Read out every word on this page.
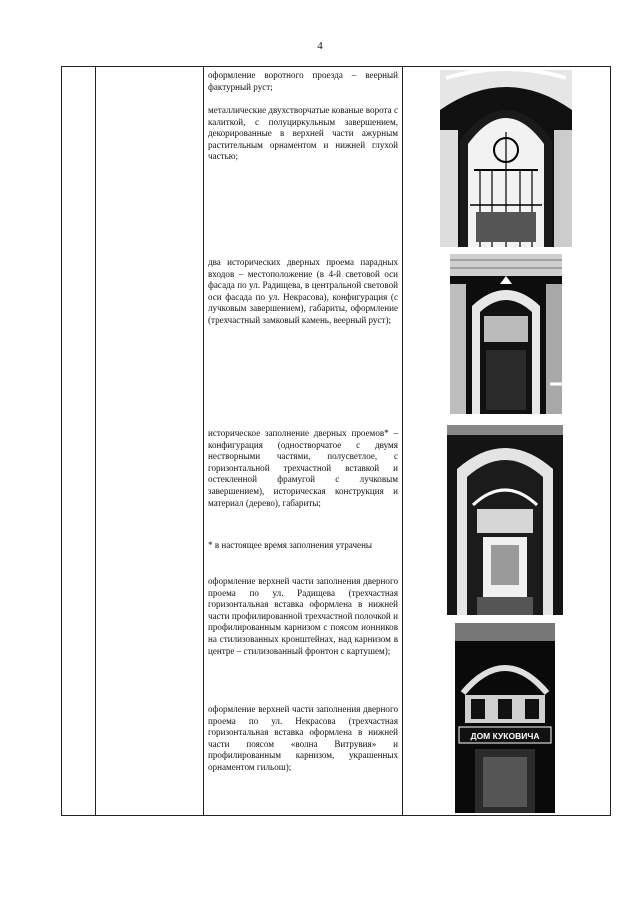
4

оформление воротного проезда – веерный фактурный руст;

металлические двухстворчатые кованые ворота с калиткой, с полуциркульным завершением, декорированные в верхней части ажурным растительным орнаментом и нижней глухой частью;

два исторических дверных проема парадных входов – местоположение (в 4-й световой оси фасада по ул. Радищева, в центральной световой оси фасада по ул. Некрасова), конфигурация (с лучковым завершением), габариты, оформление (трехчастный замковый камень, веерный руст);

историческое заполнение дверных проемов* – конфигурация (одностворчатое с двумя нестворными частями, полусветлое, с горизонтальной трехчастной вставкой и остекленной фрамугой с лучковым завершением), историческая конструкция и материал (дерево), габариты;

* в настоящее время заполнения утрачены

оформление верхней части заполнения дверного проема по ул. Радищева (трехчастная горизонтальная вставка оформлена в нижней части профилированной трехчастной полочкой и профилированным карнизом с поясом ионников на стилизованных кронштейнах, над карнизом в центре – стилизованный фронтон с картушем);

оформление верхней части заполнения дверного проема по ул. Некрасова (трехчастная горизонтальная вставка оформлена в нижней части поясом «волна Витрувия» и профилированным карнизом, украшенных орнаментом гильош);

ДОМ КУКОВИЧА
